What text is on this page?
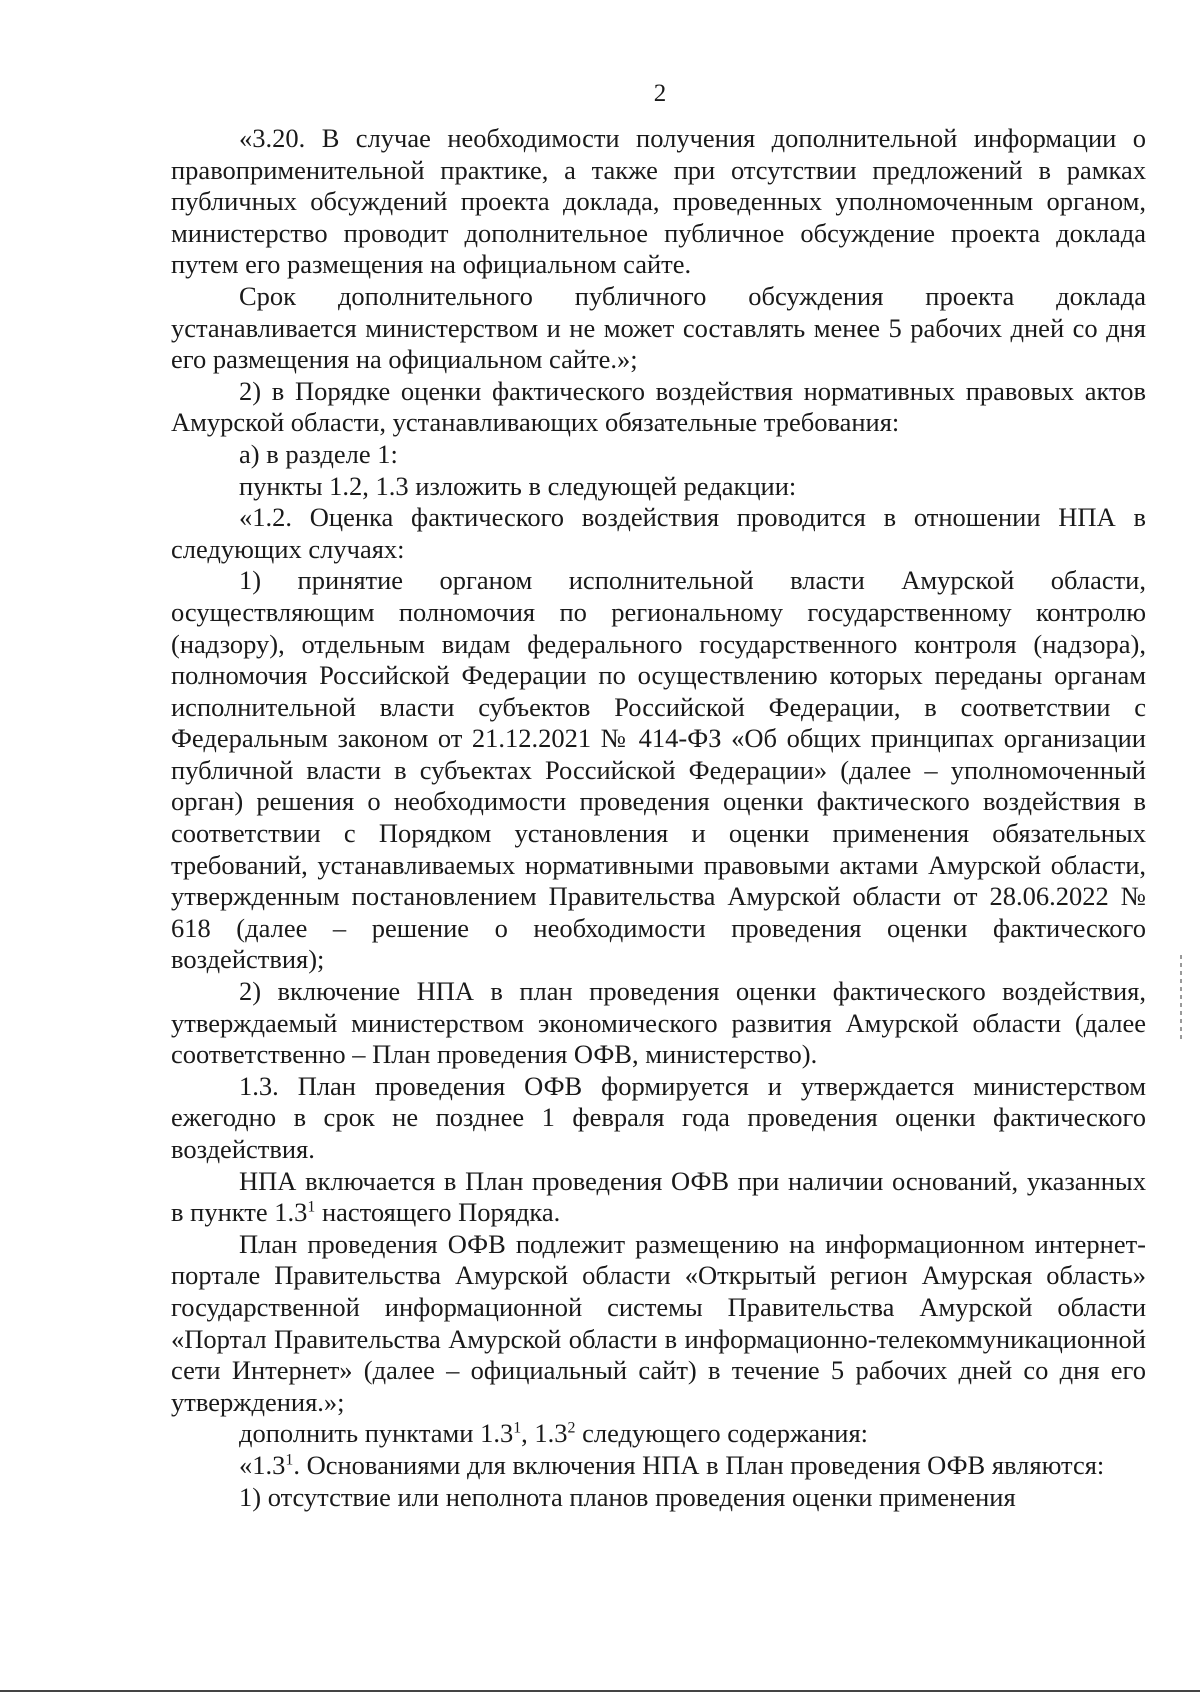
2

«3.20. В случае необходимости получения дополнительной информации о правоприменительной практике, а также при отсутствии предложений в рамках публичных обсуждений проекта доклада, проведенных уполномоченным органом, министерство проводит дополнительное публичное обсуждение проекта доклада путем его размещения на официальном сайте.

Срок дополнительного публичного обсуждения проекта доклада устанавливается министерством и не может составлять менее 5 рабочих дней со дня его размещения на официальном сайте.»;

2) в Порядке оценки фактического воздействия нормативных правовых актов Амурской области, устанавливающих обязательные требования:

а) в разделе 1:

пункты 1.2, 1.3 изложить в следующей редакции:

«1.2. Оценка фактического воздействия проводится в отношении НПА в следующих случаях:

1) принятие органом исполнительной власти Амурской области, осуществляющим полномочия по региональному государственному контролю (надзору), отдельным видам федерального государственного контроля (надзора), полномочия Российской Федерации по осуществлению которых переданы органам исполнительной власти субъектов Российской Федерации, в соответствии с Федеральным законом от 21.12.2021 № 414-ФЗ «Об общих принципах организации публичной власти в субъектах Российской Федерации» (далее – уполномоченный орган) решения о необходимости проведения оценки фактического воздействия в соответствии с Порядком установления и оценки применения обязательных требований, устанавливаемых нормативными правовыми актами Амурской области, утвержденным постановлением Правительства Амурской области от 28.06.2022 № 618 (далее – решение о необходимости проведения оценки фактического воздействия);

2) включение НПА в план проведения оценки фактического воздействия, утверждаемый министерством экономического развития Амурской области (далее соответственно – План проведения ОФВ, министерство).

1.3. План проведения ОФВ формируется и утверждается министерством ежегодно в срок не позднее 1 февраля года проведения оценки фактического воздействия.

НПА включается в План проведения ОФВ при наличии оснований, указанных в пункте $1.3^1$ настоящего Порядка.

План проведения ОФВ подлежит размещению на информационном интернет-портале Правительства Амурской области «Открытый регион Амурская область» государственной информационной системы Правительства Амурской области «Портал Правительства Амурской области в информационно-телекоммуникационной сети Интернет» (далее – официальный сайт) в течение 5 рабочих дней со дня его утверждения.»;

дополнить пунктами $1.3^1$, $1.3^2$ следующего содержания:

«$1.3^1$. Основаниями для включения НПА в План проведения ОФВ являются:

1) отсутствие или неполнота планов проведения оценки применения
